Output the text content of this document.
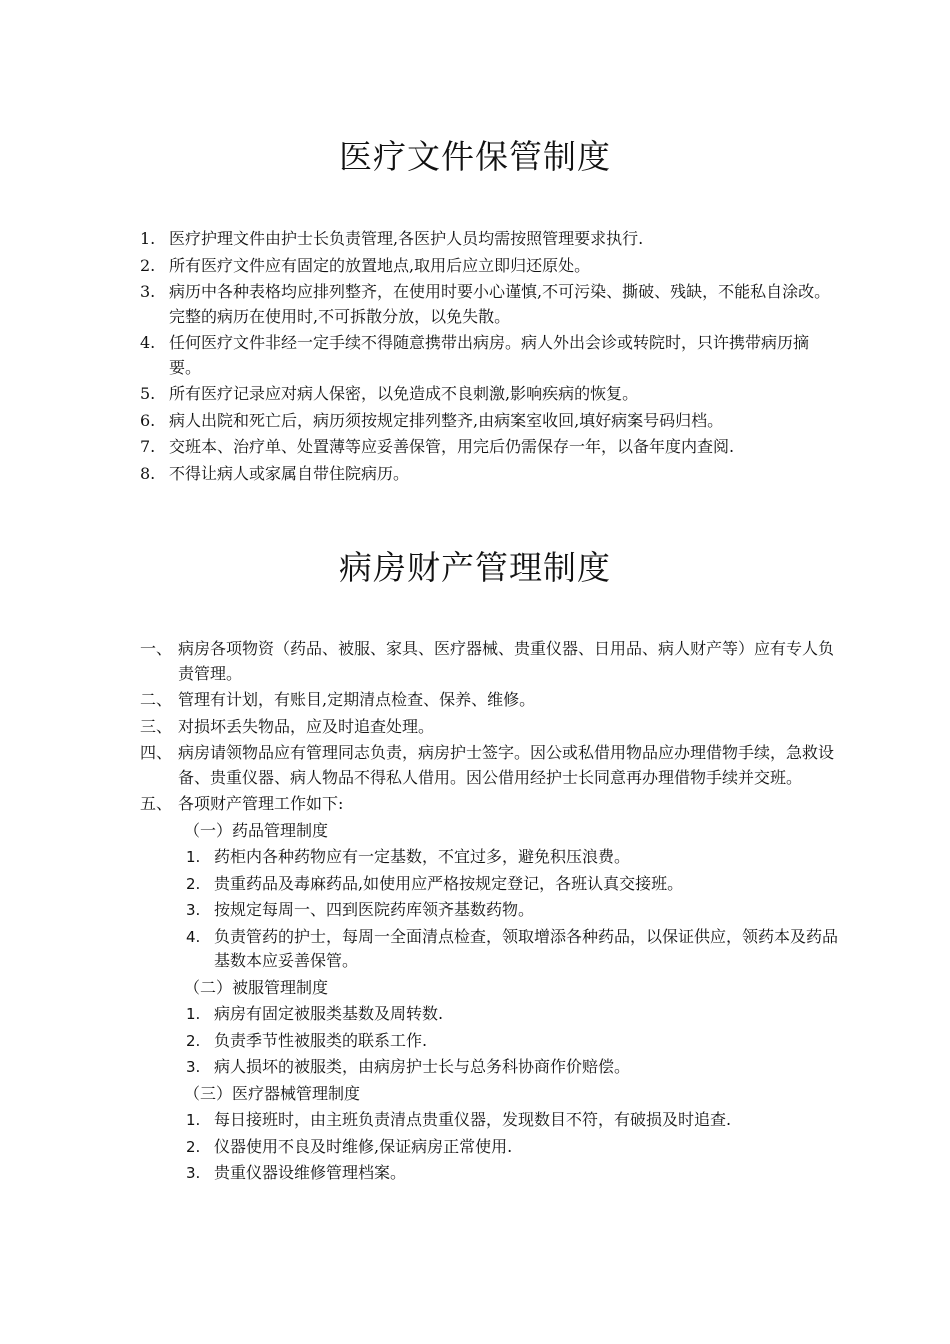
医疗文件保管制度
1. 医疗护理文件由护士长负责管理,各医护人员均需按照管理要求执行.
2. 所有医疗文件应有固定的放置地点,取用后应立即归还原处。
3. 病历中各种表格均应排列整齐，在使用时要小心谨慎,不可污染、撕破、残缺，不能私自涂改。完整的病历在使用时,不可拆散分放，以免失散。
4. 任何医疗文件非经一定手续不得随意携带出病房。病人外出会诊或转院时，只许携带病历摘要。
5. 所有医疗记录应对病人保密，以免造成不良刺激,影响疾病的恢复。
6. 病人出院和死亡后，病历须按规定排列整齐,由病案室收回,填好病案号码归档。
7. 交班本、治疗单、处置薄等应妥善保管，用完后仍需保存一年，以备年度内查阅.
8. 不得让病人或家属自带住院病历。
病房财产管理制度
一、 病房各项物资（药品、被服、家具、医疗器械、贵重仪器、日用品、病人财产等）应有专人负责管理。
二、 管理有计划，有账目,定期清点检查、保养、维修。
三、 对损坏丢失物品，应及时追查处理。
四、 病房请领物品应有管理同志负责，病房护士签字。因公或私借用物品应办理借物手续，急救设备、贵重仪器、病人物品不得私人借用。因公借用经护士长同意再办理借物手续并交班。
五、 各项财产管理工作如下:
（一）药品管理制度
1. 药柜内各种药物应有一定基数，不宜过多，避免积压浪费。
2. 贵重药品及毒麻药品,如使用应严格按规定登记，各班认真交接班。
3. 按规定每周一、四到医院药库领齐基数药物。
4. 负责管药的护士，每周一全面清点检查，领取增添各种药品，以保证供应，领药本及药品基数本应妥善保管。
（二）被服管理制度
1. 病房有固定被服类基数及周转数.
2. 负责季节性被服类的联系工作.
3. 病人损坏的被服类，由病房护士长与总务科协商作价赔偿。
（三）医疗器械管理制度
1. 每日接班时，由主班负责清点贵重仪器，发现数目不符，有破损及时追查.
2. 仪器使用不良及时维修,保证病房正常使用.
3. 贵重仪器设维修管理档案。
